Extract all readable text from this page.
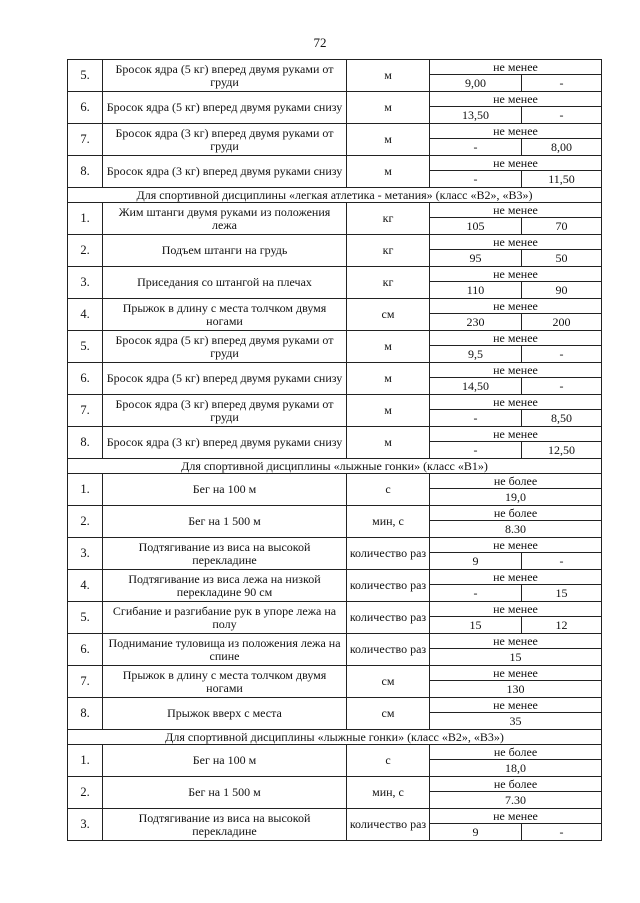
72
5.	Бросок ядра (5 кг) вперед двумя руками от груди	м	не менее
9,00 -

6.	Бросок ядра (5 кг) вперед двумя руками снизу	м	не менее
13,50 -

7.	Бросок ядра (3 кг) вперед двумя руками от груди	м	не менее
- 8,00

8.	Бросок ядра (3 кг) вперед двумя руками снизу	м	не менее
- 11,50

Для спортивной дисциплины «легкая атлетика - метания» (класс «В2», «В3»)			
1.	Жим штанги двумя руками из положения лежа	кг	не менее
105 70

2.	Подъем штанги на грудь	кг	не менее
95 50

3.	Приседания со штангой на плечах	кг	не менее
110 90

4.	Прыжок в длину с места толчком двумя ногами	см	не менее
230 200

5.	Бросок ядра (5 кг) вперед двумя руками от груди	м	не менее
9,5 -

6.	Бросок ядра (5 кг) вперед двумя руками снизу	м	не менее
14,50 -

7.	Бросок ядра (3 кг) вперед двумя руками от груди	м	не менее
- 8,50

8.	Бросок ядра (3 кг) вперед двумя руками снизу	м	не менее
- 12,50

Для спортивной дисциплины «лыжные гонки» (класс «В1»)			
1.	Бег на 100 м	с	не более
19,0

2.	Бег на 1 500 м	мин, с	не более
8.30

3.	Подтягивание из виса на высокой перекладине	количество раз	не менее
9 -

4.	Подтягивание из виса лежа на низкой перекладине 90 см	количество раз	не менее
- 15

5.	Сгибание и разгибание рук в упоре лежа на полу	количество раз	не менее
15 12

6.	Поднимание туловища из положения лежа на спине	количество раз	не менее
15

7.	Прыжок в длину с места толчком двумя ногами	см	не менее
130

8.	Прыжок вверх с места	см	не менее
35

Для спортивной дисциплины «лыжные гонки» (класс «В2», «В3»)			
1.	Бег на 100 м	с	не более
18,0

2.	Бег на 1 500 м	мин, с	не более
7.30

3.	Подтягивание из виса на высокой перекладине	количество раз	не менее
9 -
